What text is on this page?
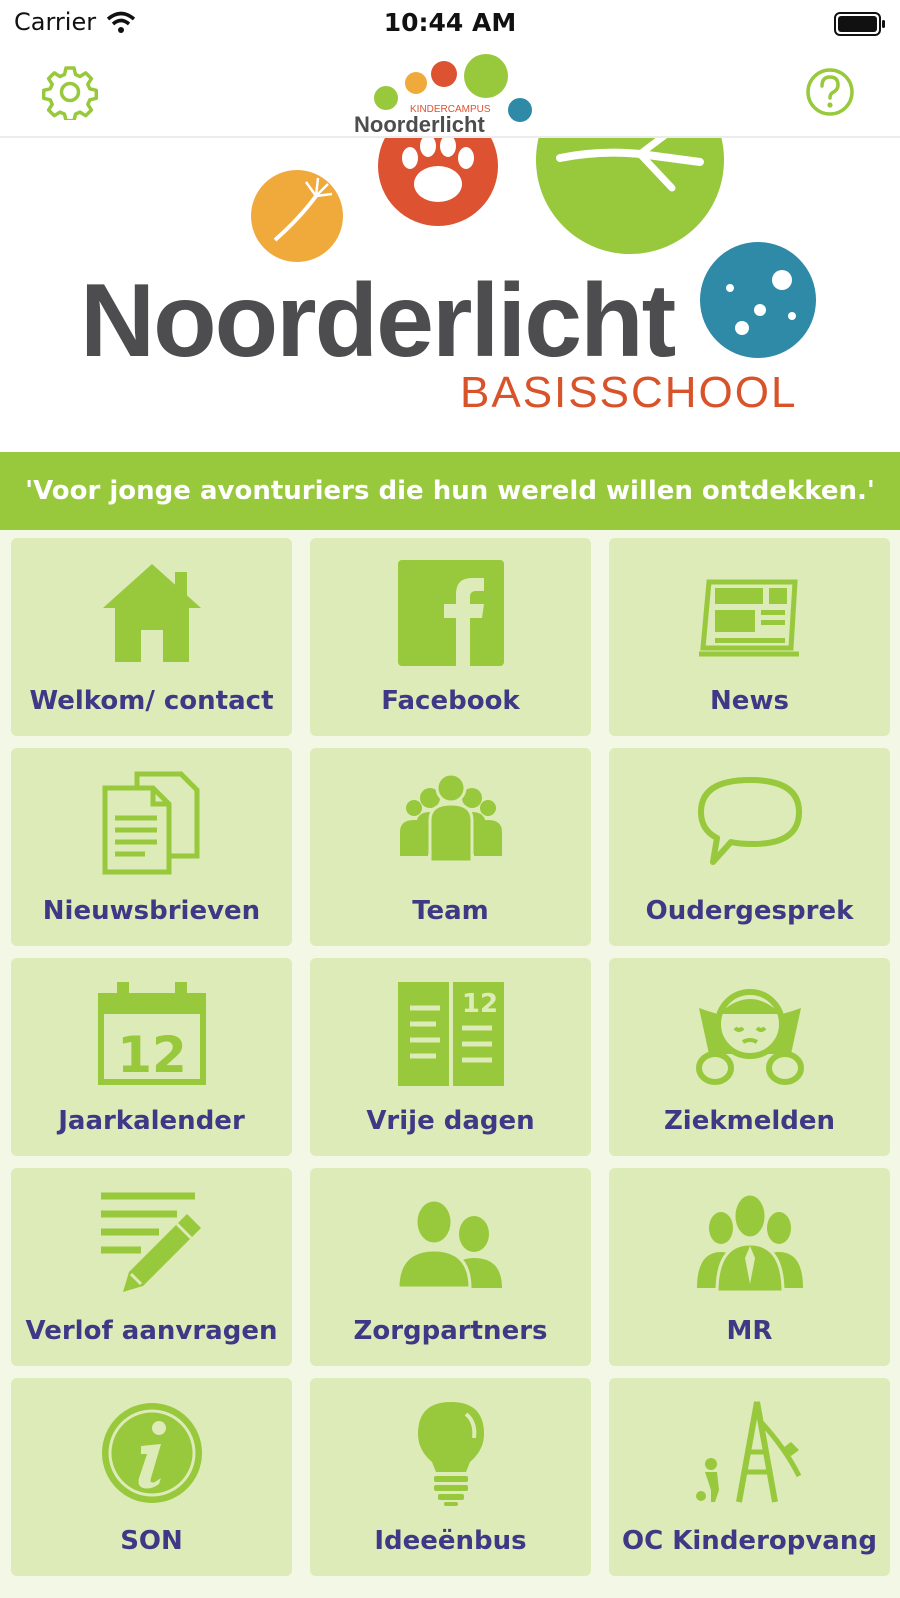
Carrier	10:44 AM
KINDERCAMPUS
Noorderlicht
Noorderlicht
BASISSCHOOL
'Voor jonge avonturiers die hun wereld willen ontdekken.'
Welkom/ contact	Facebook	News
Nieuwsbrieven	Team	Oudergesprek
12
Jaarkalender
12
Vrije dagen	Ziekmelden
Verlof aanvragen	Zorgpartners	MR
SON	Ideeënbus	OC Kinderopvang
